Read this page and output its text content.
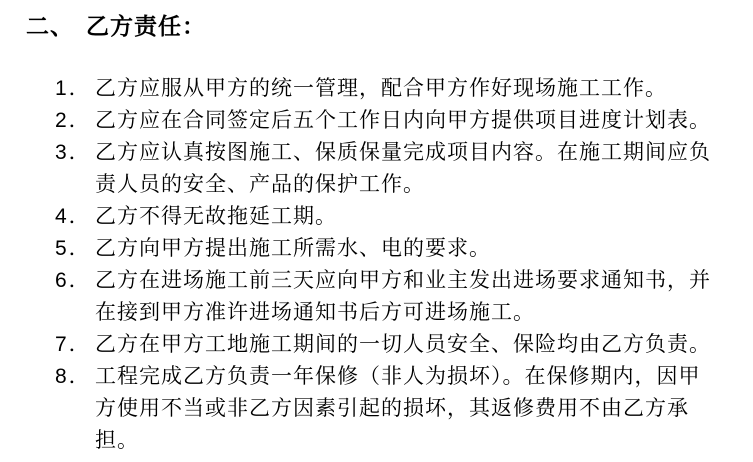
二、 乙方责任：
1． 乙方应服从甲方的统一管理，配合甲方作好现场施工工作。
2． 乙方应在合同签定后五个工作日内向甲方提供项目进度计划表。
3． 乙方应认真按图施工、保质保量完成项目内容。在施工期间应负责人员的安全、产品的保护工作。
4． 乙方不得无故拖延工期。
5． 乙方向甲方提出施工所需水、电的要求。
6． 乙方在进场施工前三天应向甲方和业主发出进场要求通知书，并在接到甲方准许进场通知书后方可进场施工。
7． 乙方在甲方工地施工期间的一切人员安全、保险均由乙方负责。
8． 工程完成乙方负责一年保修（非人为损坏）。在保修期内，因甲方使用不当或非乙方因素引起的损坏，其返修费用不由乙方承担。
